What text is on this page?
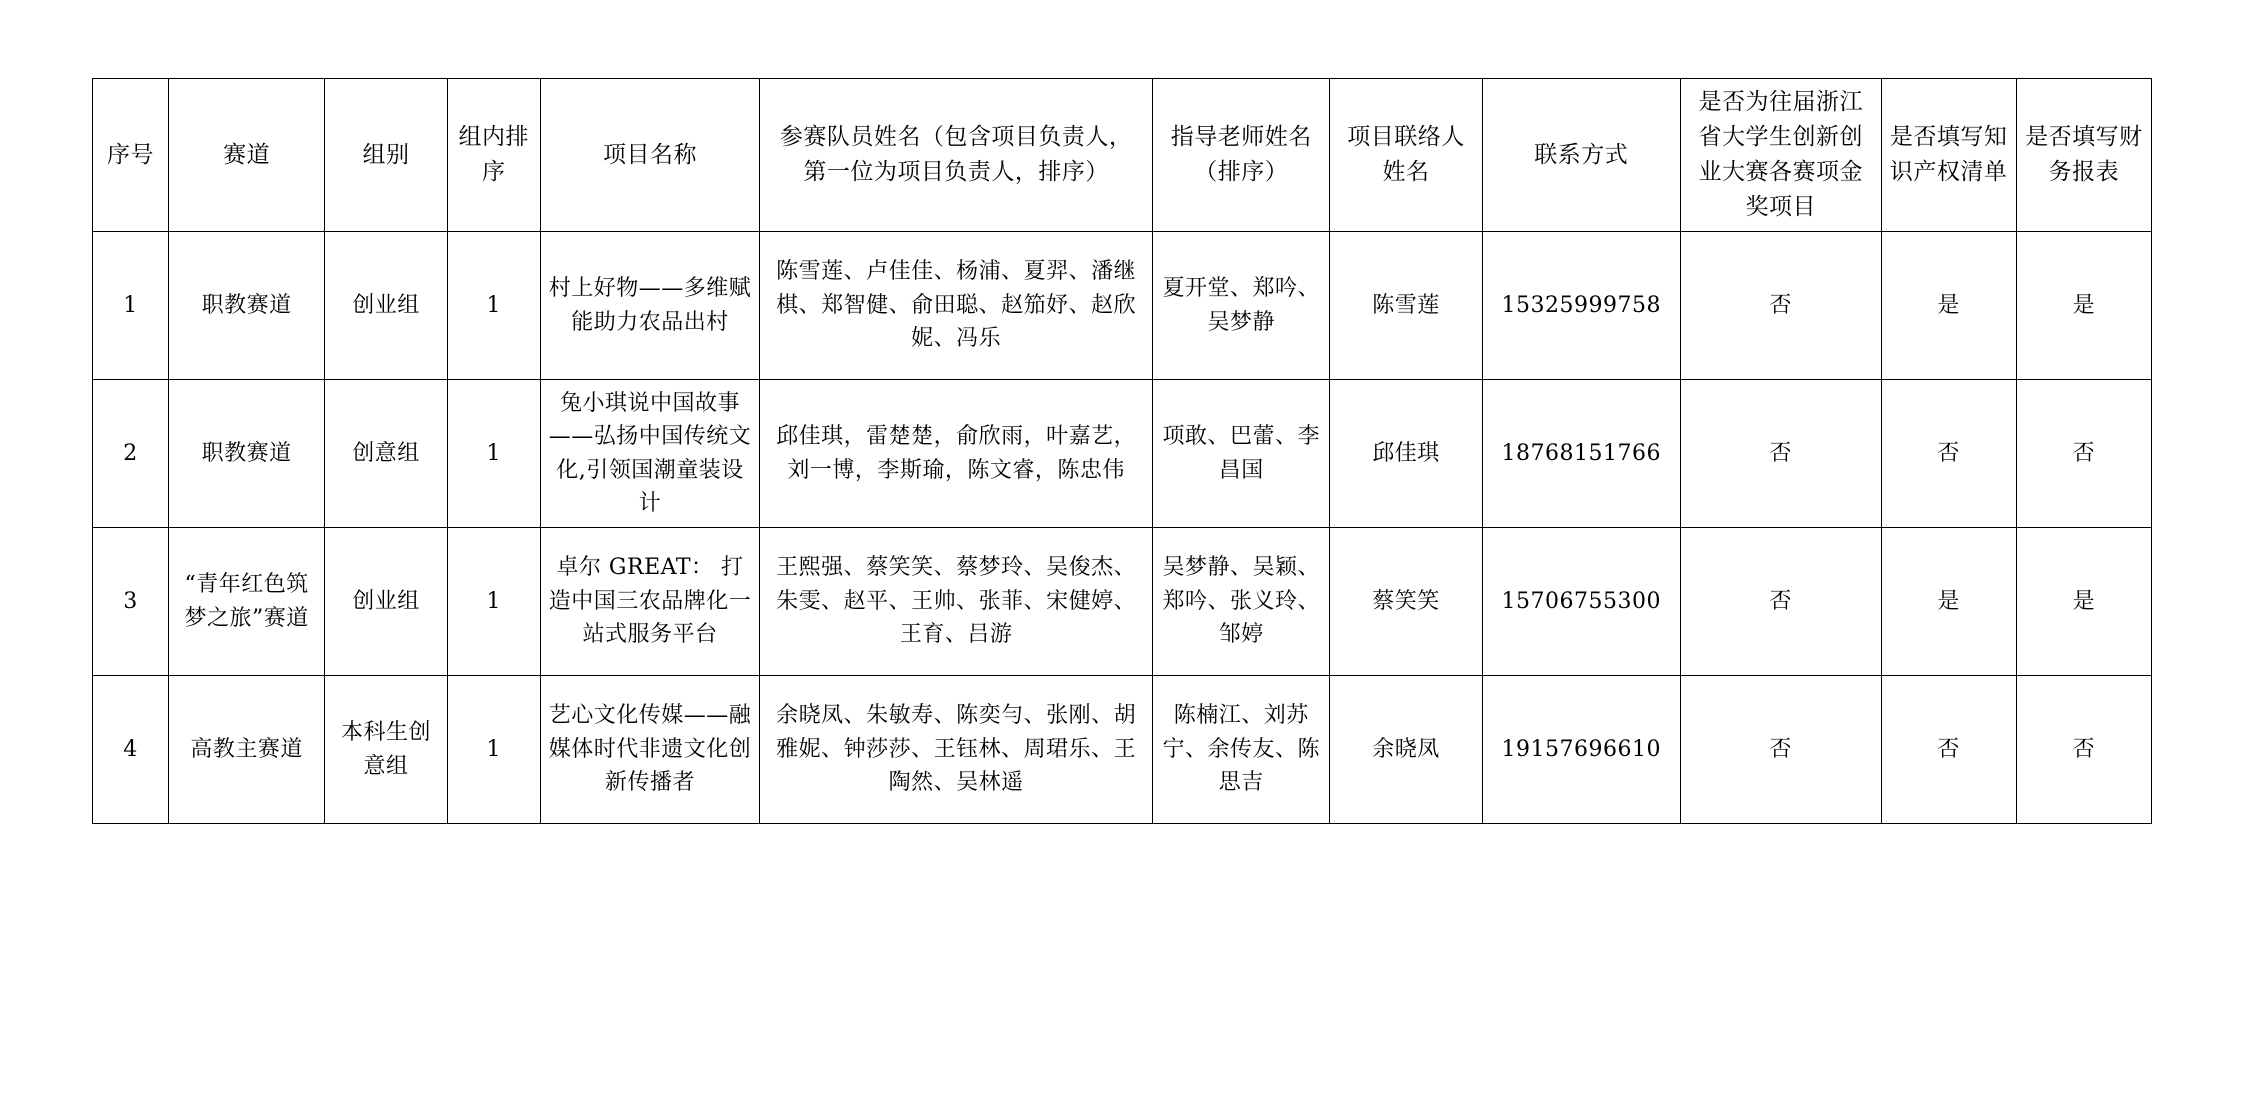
序号	赛道	组别	组内排序	项目名称	参赛队员姓名（包含项目负责人，第一位为项目负责人，排序）	指导老师姓名（排序）	项目联络人姓名	联系方式	是否为往届浙江省大学生创新创业大赛各赛项金奖项目	是否填写知识产权清单	是否填写财务报表
1	职教赛道	创业组	1	村上好物——多维赋能助力农品出村	陈雪莲、卢佳佳、杨浦、夏羿、潘继棋、郑智健、俞田聪、赵笳妤、赵欣妮、冯乐	夏开堂、郑吟、吴梦静	陈雪莲	15325999758	否	是	是
2	职教赛道	创意组	1	兔小琪说中国故事——弘扬中国传统文化,引领国潮童装设计	邱佳琪，雷楚楚，俞欣雨，叶嘉艺，刘一博，李斯瑜，陈文睿，陈忠伟	项敢、巴蕾、李昌国	邱佳琪	18768151766	否	否	否
3	“青年红色筑梦之旅”赛道	创业组	1	卓尔 GREAT： 打造中国三农品牌化一站式服务平台	王熙强、蔡笑笑、蔡梦玲、吴俊杰、朱雯、赵平、王帅、张菲、宋健婷、王育、吕游	吴梦静、吴颖、郑吟、张义玲、邹婷	蔡笑笑	15706755300	否	是	是
4	高教主赛道	本科生创意组	1	艺心文化传媒——融媒体时代非遗文化创新传播者	余晓凤、朱敏寿、陈奕勻、张刚、胡雅妮、钟莎莎、王钰林、周珺乐、王陶然、吴林遥	陈楠江、刘苏宁、余传友、陈思吉	余晓凤	19157696610	否	否	否
